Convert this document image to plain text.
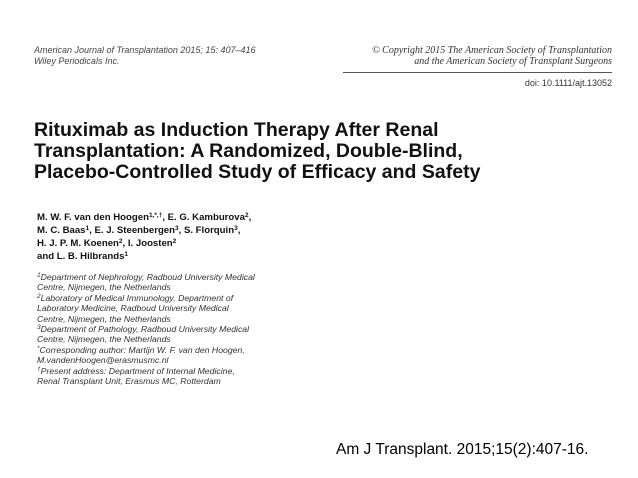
American Journal of Transplantation 2015; 15: 407–416
Wiley Periodicals Inc.
© Copyright 2015 The American Society of Transplantation
and the American Society of Transplant Surgeons
doi: 10.1111/ajt.13052
Rituximab as Induction Therapy After Renal
Transplantation: A Randomized, Double-Blind,
Placebo-Controlled Study of Efficacy and Safety
M. W. F. van den Hoogen$^{1,*,\dagger}$, E. G. Kamburova$^2$,
M. C. Baas$^1$, E. J. Steenbergen$^3$, S. Florquin$^3$,
H. J. P. M. Koenen$^2$, I. Joosten$^2$
and L. B. Hilbrands$^1$
$^1$Department of Nephrology, Radboud University Medical
Centre, Nijmegen, the Netherlands
$^2$Laboratory of Medical Immunology, Department of
Laboratory Medicine, Radboud University Medical
Centre, Nijmegen, the Netherlands
$^3$Department of Pathology, Radboud University Medical
Centre, Nijmegen, the Netherlands
*Corresponding author: Martijn W. F. van den Hoogen,
M.vandenHoogen@erasmusmc.nl
†Present address: Department of Internal Medicine,
Renal Transplant Unit, Erasmus MC, Rotterdam
Am J Transplant. 2015;15(2):407-16.
